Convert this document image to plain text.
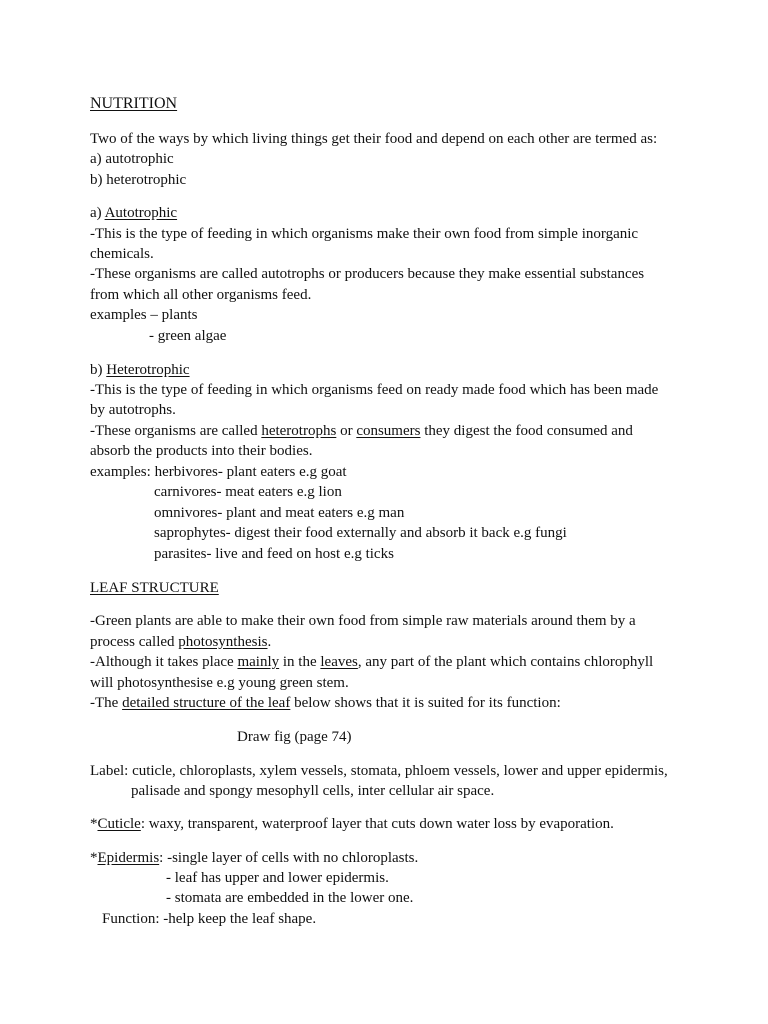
NUTRITION
Two of the ways by which living things get their food and depend on each other are termed as:
a) autotrophic
b) heterotrophic
a) Autotrophic
-This is the type of feeding in which organisms make their own food from simple inorganic
chemicals.
-These organisms are called autotrophs or producers because they make essential substances
from which all other organisms feed.
examples – plants
- green algae
b) Heterotrophic
-This is the type of feeding in which organisms feed on ready made food which has been made
by autotrophs.
-These organisms are called heterotrophs or consumers they digest the food consumed and
absorb the products into their bodies.
examples: herbivores- plant eaters e.g goat
carnivores- meat eaters e.g lion
omnivores- plant and meat eaters e.g man
saprophytes- digest their food externally and absorb it back e.g fungi
parasites- live and feed on host e.g ticks
LEAF STRUCTURE
-Green plants are able to make their own food from simple raw materials around them by a
process called photosynthesis.
-Although it takes place mainly in the leaves, any part of the plant which contains chlorophyll
will photosynthesise e.g young green stem.
-The detailed structure of the leaf below shows that it is suited for its function:
Draw fig (page 74)
Label: cuticle, chloroplasts, xylem vessels, stomata, phloem vessels, lower and upper epidermis,
palisade and spongy mesophyll cells, inter cellular air space.
*Cuticle: waxy, transparent, waterproof layer that cuts down water loss by evaporation.
*Epidermis: -single layer of cells with no chloroplasts.
- leaf has upper and lower epidermis.
- stomata are embedded in the lower one.
Function: -help keep the leaf shape.
